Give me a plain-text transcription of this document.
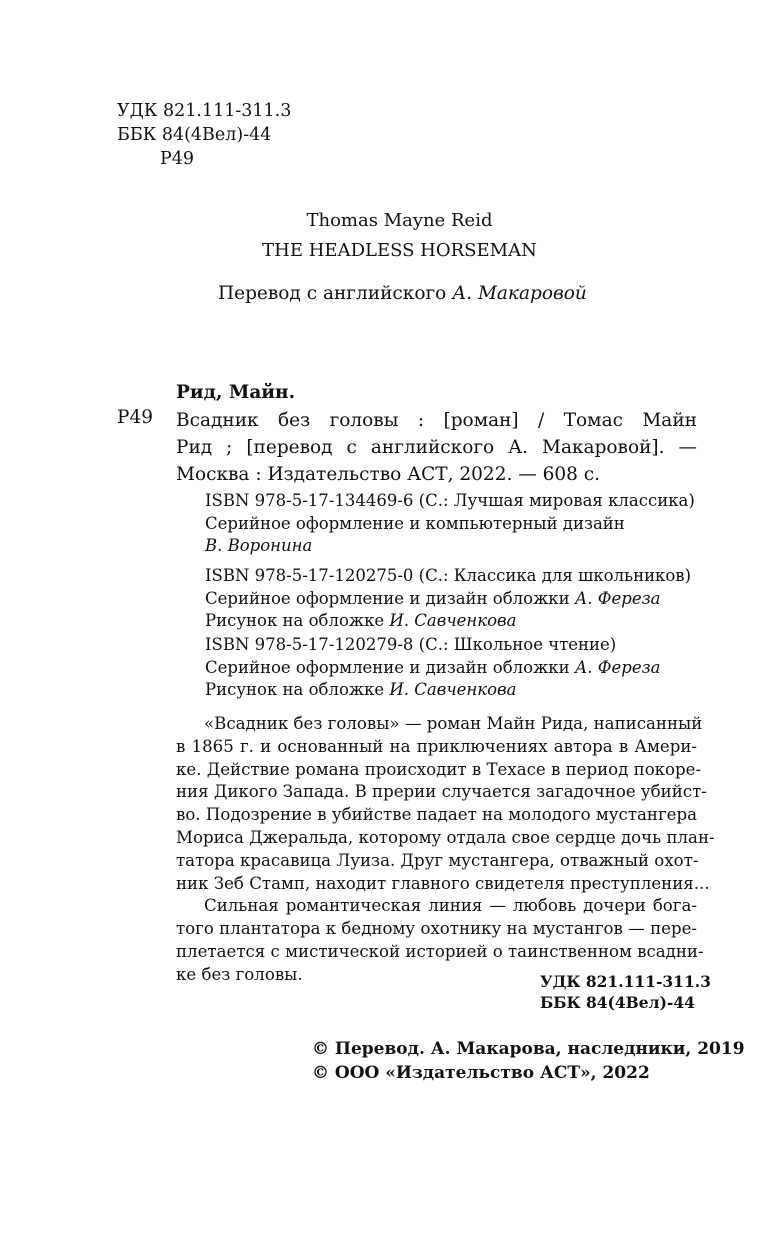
УДК 821.111-311.3
ББК 84(4Вел)-44
Р49
Thomas Mayne Reid
THE HEADLESS HORSEMAN
Перевод с английского А. Макаровой
Рид, Майн.
Р49 Всадник без головы : [роман] / Томас Майн
Рид ; [перевод с английского А. Макаровой]. —
Москва : Издательство АСТ, 2022. — 608 с.
ISBN 978-5-17-134469-6 (С.: Лучшая мировая классика)
Серийное оформление и компьютерный дизайн
В. Воронина
ISBN 978-5-17-120275-0 (С.: Классика для школьников)
Серийное оформление и дизайн обложки А. Фереза
Рисунок на обложке И. Савченкова
ISBN 978-5-17-120279-8 (С.: Школьное чтение)
Серийное оформление и дизайн обложки А. Фереза
Рисунок на обложке И. Савченкова
«Всадник без головы» — роман Майн Рида, написанный
в 1865 г. и основанный на приключениях автора в Амери-
ке. Действие романа происходит в Техасе в период покоре-
ния Дикого Запада. В прерии случается загадочное убийст-
во. Подозрение в убийстве падает на молодого мустангера
Мориса Джеральда, которому отдала свое сердце дочь план-
татора красавица Луиза. Друг мустангера, отважный охот-
ник Зеб Стамп, находит главного свидетеля преступления...
Сильная романтическая линия — любовь дочери бога-
того плантатора к бедному охотнику на мустангов — пере-
плетается с мистической историей о таинственном всадни-
ке без головы.	УДК 821.111-311.3
ББК 84(4Вел)-44
© Перевод. А. Макарова, наследники, 2019
© ООО «Издательство АСТ», 2022
